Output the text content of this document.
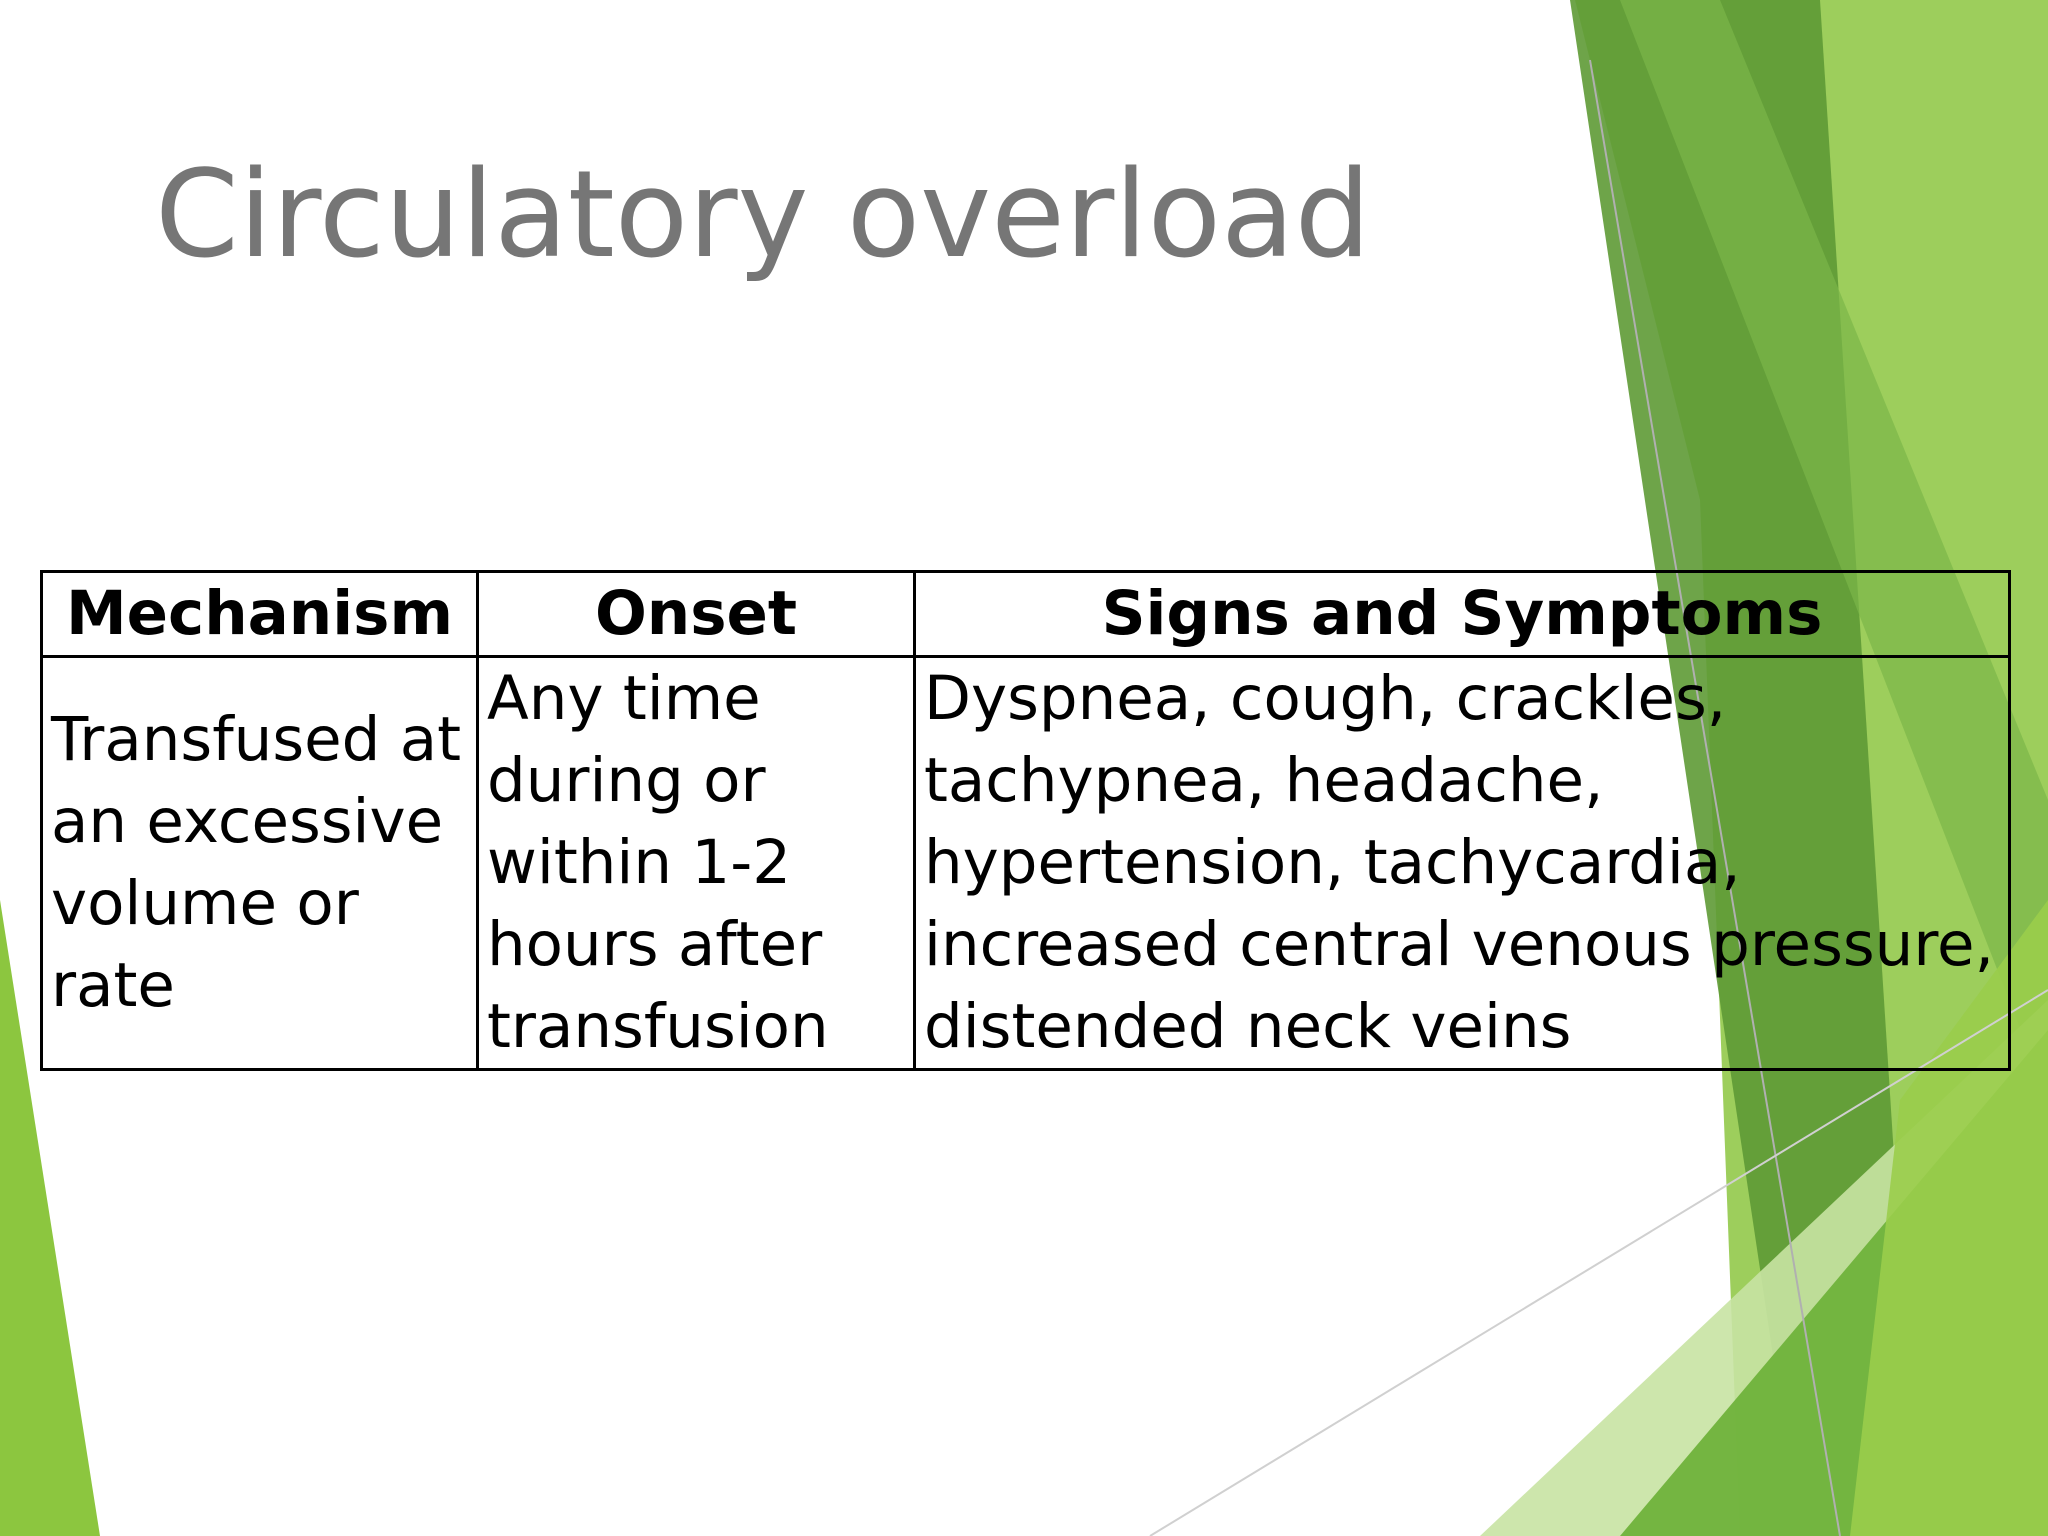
Circulatory overload
Mechanism	Onset	Signs and Symptoms
Transfused at an excessive volume or rate	Any time during or within 1-2 hours after transfusion	Dyspnea, cough, crackles, tachypnea, headache, hypertension, tachycardia, increased central venous pressure, distended neck veins
